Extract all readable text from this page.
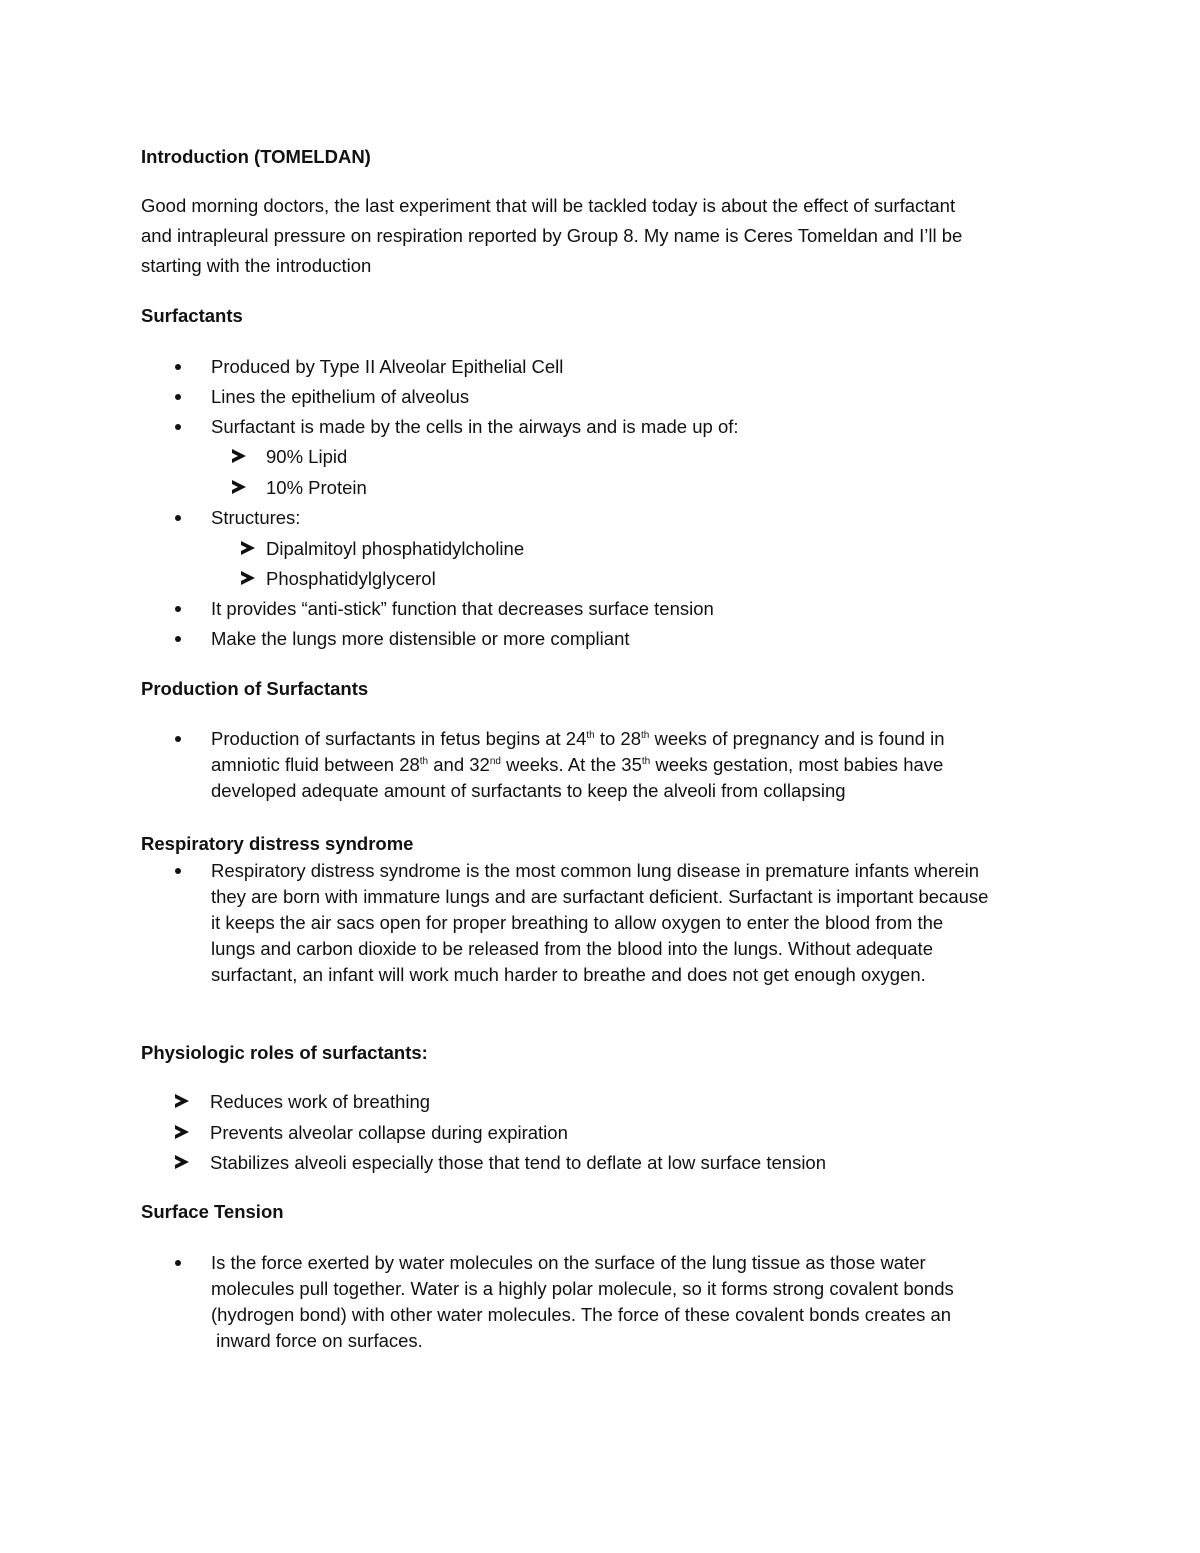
Introduction (TOMELDAN)
Good morning doctors, the last experiment that will be tackled today is about the effect of surfactant
and intrapleural pressure on respiration reported by Group 8. My name is Ceres Tomeldan and I’ll be
starting with the introduction
Surfactants
Produced by Type II Alveolar Epithelial Cell
Lines the epithelium of alveolus
Surfactant is made by the cells in the airways and is made up of:
90% Lipid
10% Protein
Structures:
Dipalmitoyl phosphatidylcholine
Phosphatidylglycerol
It provides “anti-stick” function that decreases surface tension
Make the lungs more distensible or more compliant
Production of Surfactants
Production of surfactants in fetus begins at 24th to 28th weeks of pregnancy and is found in
amniotic fluid between 28th and 32nd weeks. At the 35th weeks gestation, most babies have
developed adequate amount of surfactants to keep the alveoli from collapsing
Respiratory distress syndrome
Respiratory distress syndrome is the most common lung disease in premature infants wherein
they are born with immature lungs and are surfactant deficient. Surfactant is important because
it keeps the air sacs open for proper breathing to allow oxygen to enter the blood from the
lungs and carbon dioxide to be released from the blood into the lungs. Without adequate
surfactant, an infant will work much harder to breathe and does not get enough oxygen.
Physiologic roles of surfactants:
Reduces work of breathing
Prevents alveolar collapse during expiration
Stabilizes alveoli especially those that tend to deflate at low surface tension
Surface Tension
Is the force exerted by water molecules on the surface of the lung tissue as those water
molecules pull together. Water is a highly polar molecule, so it forms strong covalent bonds
(hydrogen bond) with other water molecules. The force of these covalent bonds creates an
inward force on surfaces.
